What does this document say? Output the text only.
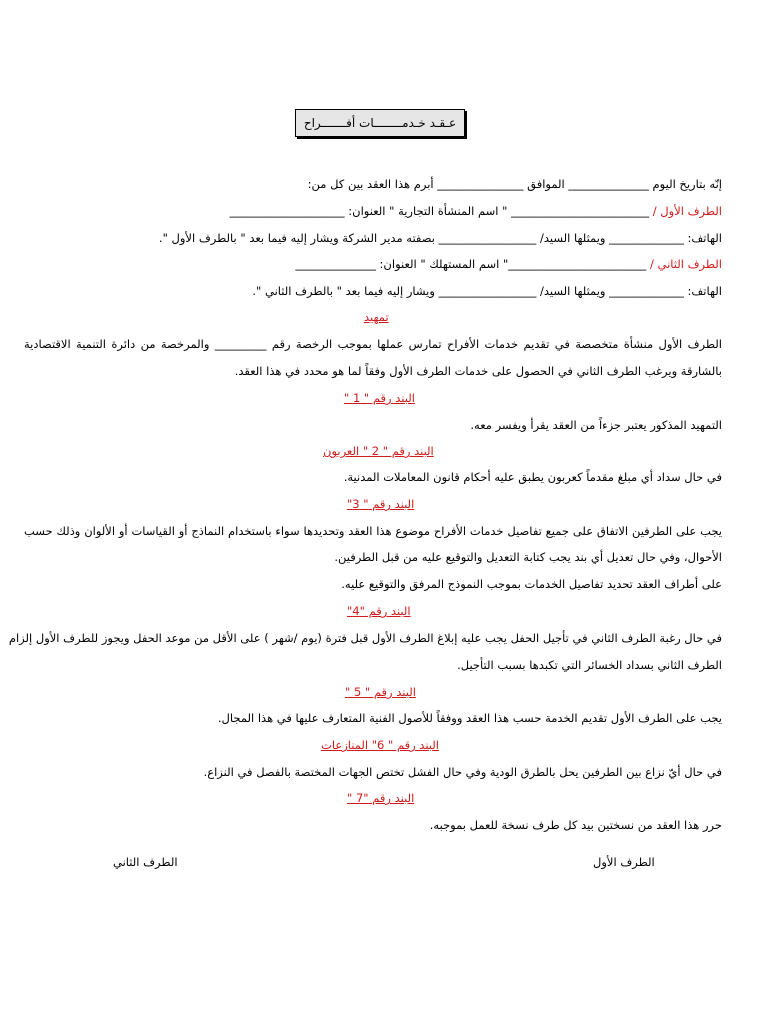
عـقـد خـدمــــــــات أفـــــــراح
إنّه بتاريخ اليوم ______________ الموافق _______________ أبرم هذا العقد بين كل من:
الطرف الأول / ________________________ " اسم المنشأة التجارية " العنوان: ____________________
الهاتف: _____________ ويمثلها السيد/ _________________ بصفته مدير الشركة ويشار إليه فيما بعد " بالطرف الأول ".
الطرف الثاني / ________________________" اسم المستهلك " العنوان: ______________
الهاتف: _____________ ويمثلها السيد/ _________________ ويشار إليه فيما بعد " بالطرف الثاني ".
تمهيد
الطرف الأول منشأة متخصصة في تقديم خدمات الأفراح تمارس عملها بموجب الرخصة رقم _________ والمرخصة من دائرة التنمية الاقتصادية
بالشارقة ويرغب الطرف الثاني في الحصول على خدمات الطرف الأول وفقاً لما هو محدد في هذا العقد.
البند رقم " 1 "
التمهيد المذكور يعتبر جزءاً من العقد يقرأ ويفسر معه.
البند رقم " 2 " العربون
في حال سداد أي مبلغ مقدماً كعربون يطبق عليه أحكام قانون المعاملات المدنية.
البند رقم " 3"
يجب على الطرفين الاتفاق على جميع تفاصيل خدمات الأفراح موضوع هذا العقد وتحديدها سواء باستخدام النماذج أو القياسات أو الألوان وذلك حسب
الأحوال، وفي حال تعديل أي بند يجب كتابة التعديل والتوقيع عليه من قبل الطرفين.
على أطراف العقد تحديد تفاصيل الخدمات بموجب النموذج المرفق والتوقيع عليه.
البند رقم "4"
في حال رغبة الطرف الثاني في تأجيل الحفل يجب عليه إبلاغ الطرف الأول قبل فترة (يوم /شهر ) على الأقل من موعد الحفل ويجوز للطرف الأول إلزام
الطرف الثاني بسداد الخسائر التي تكبدها بسبب التأجيل.
البند رقم " 5 "
يجب على الطرف الأول تقديم الخدمة حسب هذا العقد ووفقاً للأصول الفنية المتعارف عليها في هذا المجال.
البند رقم " 6" المنازعات
في حال أيّ نزاع بين الطرفين يحل بالطرق الودية وفي حال الفشل تختص الجهات المختصة بالفصل في النزاع.
البند رقم "7 "
حرر هذا العقد من نسختين بيد كل طرف نسخة للعمل بموجبه.
الطرف الأول
الطرف الثاني
